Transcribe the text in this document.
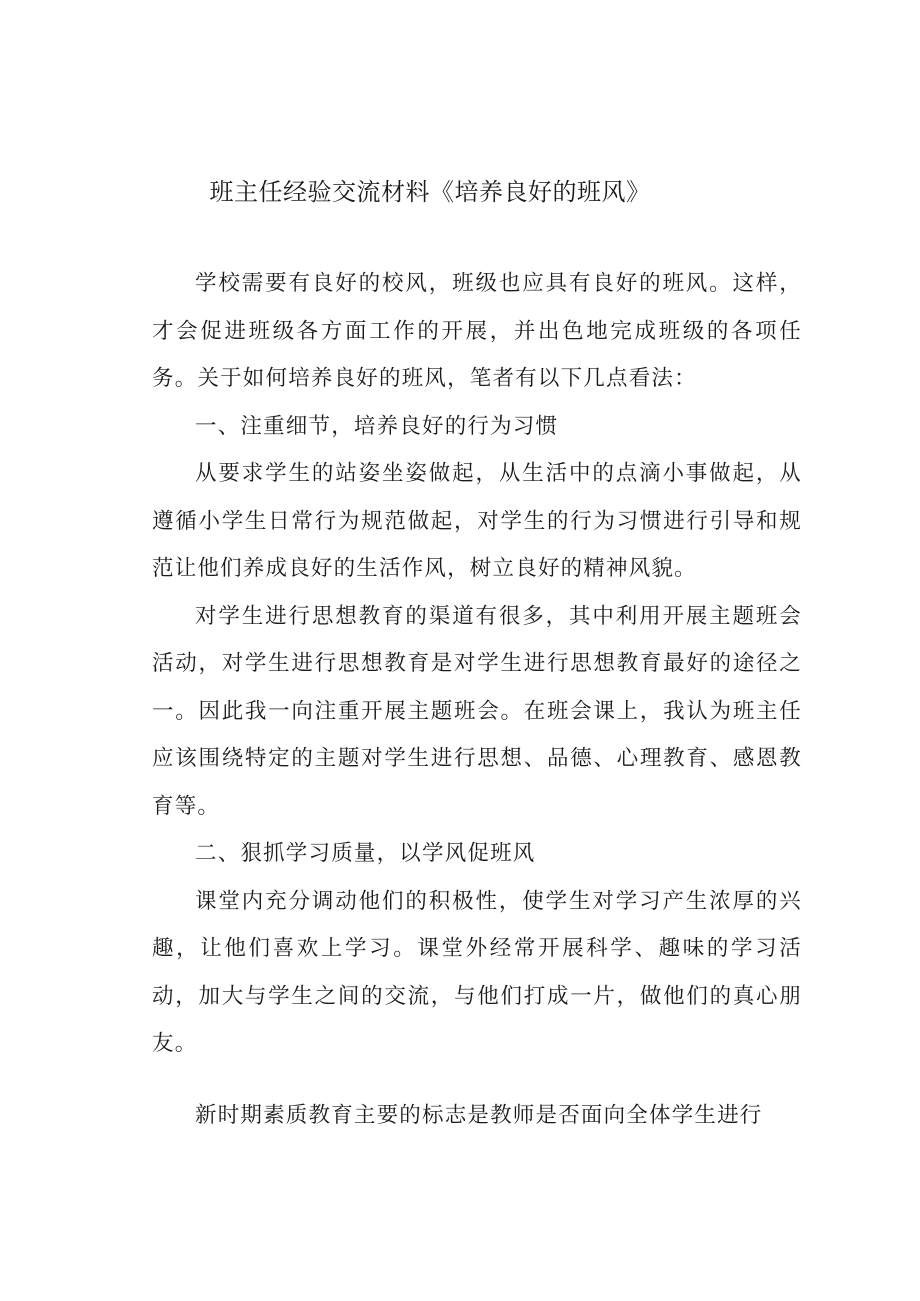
班主任经验交流材料《培养良好的班风》

学校需要有良好的校风，班级也应具有良好的班风。这样，才会促进班级各方面工作的开展，并出色地完成班级的各项任务。关于如何培养良好的班风，笔者有以下几点看法：

一、注重细节，培养良好的行为习惯

从要求学生的站姿坐姿做起，从生活中的点滴小事做起，从遵循小学生日常行为规范做起，对学生的行为习惯进行引导和规范让他们养成良好的生活作风，树立良好的精神风貌。

对学生进行思想教育的渠道有很多，其中利用开展主题班会活动，对学生进行思想教育是对学生进行思想教育最好的途径之一。因此我一向注重开展主题班会。在班会课上，我认为班主任应该围绕特定的主题对学生进行思想、品德、心理教育、感恩教育等。

二、狠抓学习质量，以学风促班风

课堂内充分调动他们的积极性，使学生对学习产生浓厚的兴趣，让他们喜欢上学习。课堂外经常开展科学、趣味的学习活动，加大与学生之间的交流，与他们打成一片，做他们的真心朋友。

新时期素质教育主要的标志是教师是否面向全体学生进行
